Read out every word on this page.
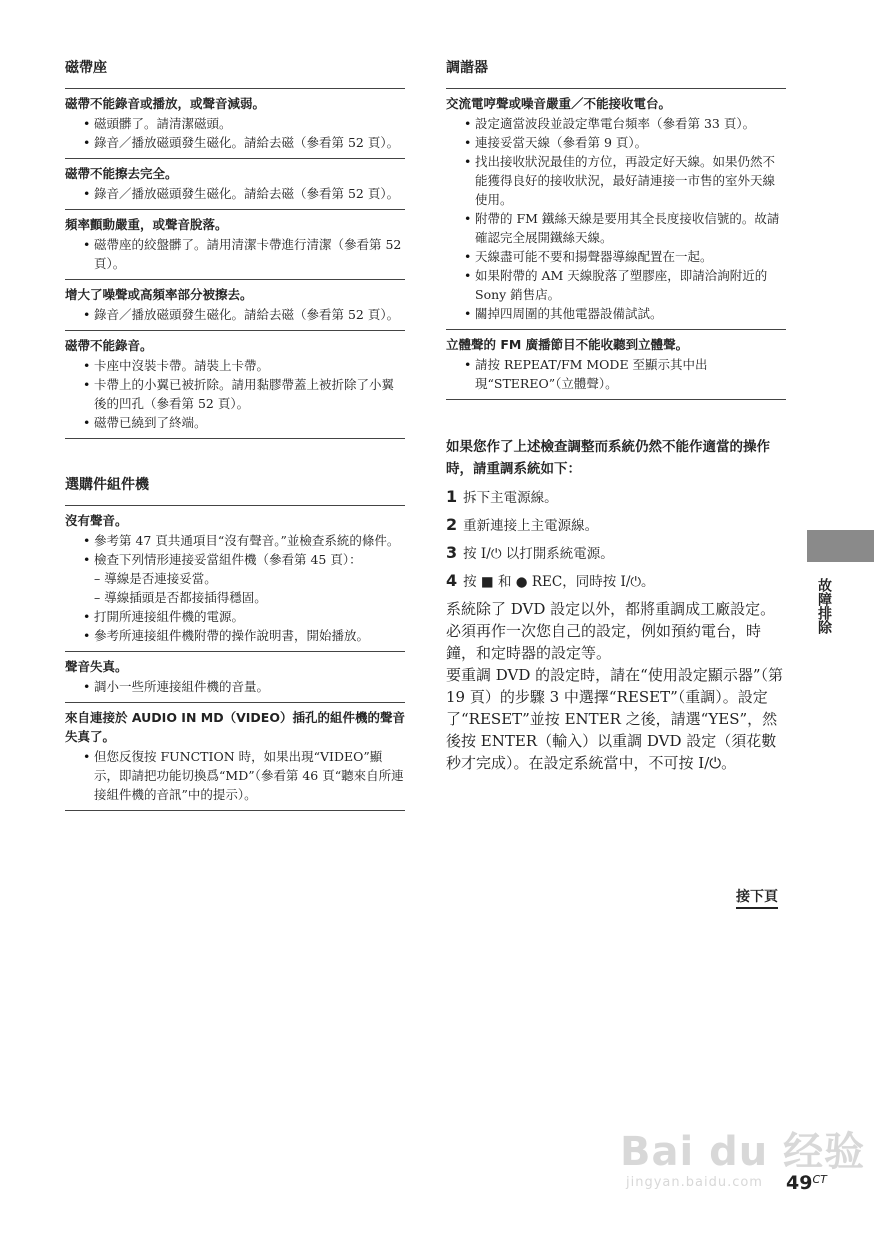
磁帶座
磁帶不能錄音或播放，或聲音減弱。
• 磁頭髒了。請清潔磁頭。
• 錄音／播放磁頭發生磁化。請給去磁（參看第 52 頁）。
磁帶不能擦去完全。
• 錄音／播放磁頭發生磁化。請給去磁（參看第 52 頁）。
頻率顫動嚴重，或聲音脫落。
• 磁帶座的絞盤髒了。請用清潔卡帶進行清潔（參看第 52 頁）。
增大了噪聲或高頻率部分被擦去。
• 錄音／播放磁頭發生磁化。請給去磁（參看第 52 頁）。
磁帶不能錄音。
• 卡座中沒裝卡帶。請裝上卡帶。
• 卡帶上的小翼已被折除。請用黏膠帶蓋上被折除了小翼後的凹孔（參看第 52 頁）。
• 磁帶已繞到了終端。
選購件組件機
沒有聲音。
• 參考第 47 頁共通項目“沒有聲音。”並檢查系統的條件。
• 檢查下列情形連接妥當組件機（參看第 45 頁）：
– 導線是否連接妥當。
– 導線插頭是否都接插得穩固。
• 打開所連接組件機的電源。
• 參考所連接組件機附帶的操作說明書，開始播放。
聲音失真。
• 調小一些所連接組件機的音量。
來自連接於 AUDIO IN MD（VIDEO）插孔的組件機的聲音失真了。
• 但您反復按 FUNCTION 時，如果出現“VIDEO”顯示，即請把功能切換爲“MD”（參看第 46 頁“聽來自所連接組件機的音訊”中的提示）。
調諧器
交流電哼聲或噪音嚴重／不能接收電台。
• 設定適當波段並設定準電台頻率（參看第 33 頁）。
• 連接妥當天線（參看第 9 頁）。
• 找出接收狀況最佳的方位，再設定好天線。如果仍然不能獲得良好的接收狀況，最好請連接一市售的室外天線使用。
• 附帶的 FM 鐵絲天線是要用其全長度接收信號的。故請確認完全展開鐵絲天線。
• 天線盡可能不要和揚聲器導線配置在一起。
• 如果附帶的 AM 天線脫落了塑膠座，即請洽詢附近的 Sony 銷售店。
• 關掉四周圍的其他電器設備試試。
立體聲的 FM 廣播節目不能收聽到立體聲。
• 請按 REPEAT/FM MODE 至顯示其中出現“STEREO”（立體聲）。
如果您作了上述檢查調整而系統仍然不能作適當的操作時，請重調系統如下：
1 拆下主電源線。
2 重新連接上主電源線。
3 按 I/⏻ 以打開系統電源。
4 按 ■ 和 ● REC，同時按 I/⏻。

系統除了 DVD 設定以外，都將重調成工廠設定。必須再作一次您自己的設定，例如預約電台，時鐘，和定時器的設定等。

要重調 DVD 的設定時，請在“使用設定顯示器”（第 19 頁）的步驟 3 中選擇“RESET”（重調）。設定了“RESET”並按 ENTER 之後，請選“YES”，然後按 ENTER（輸入）以重調 DVD 設定（須花數秒才完成）。在設定系統當中，不可按 I/⏻。

接下頁
故障排除
Bai du 经验
jingyan.baidu.com	$49^{CT}$
